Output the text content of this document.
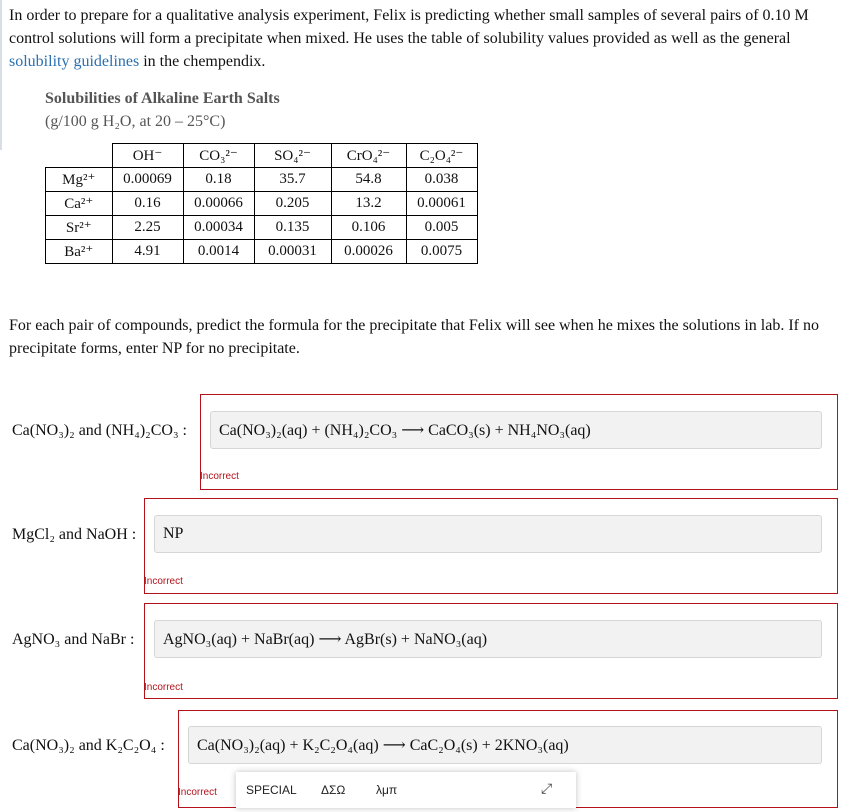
In order to prepare for a qualitative analysis experiment, Felix is predicting whether small samples of several pairs of 0.10 M control solutions will form a precipitate when mixed. He uses the table of solubility values provided as well as the general solubility guidelines in the chempendix.
Solubilities of Alkaline Earth Salts
(g/100 g H₂O, at 20 – 25°C)
	OH⁻	CO₃²⁻	SO₄²⁻	CrO₄²⁻	C₂O₄²⁻
Mg²⁺	0.00069	0.18	35.7	54.8	0.038
Ca²⁺	0.16	0.00066	0.205	13.2	0.00061
Sr²⁺	2.25	0.00034	0.135	0.106	0.005
Ba²⁺	4.91	0.0014	0.00031	0.00026	0.0075
For each pair of compounds, predict the formula for the precipitate that Felix will see when he mixes the solutions in lab. If no precipitate forms, enter NP for no precipitate.
Ca(NO₃)₂ and (NH₄)₂CO₃ :	Ca(NO₃)₂(aq) + (NH₄)₂CO₃ ⟶ CaCO₃(s) + NH₄NO₃(aq)
Incorrect
MgCl₂ and NaOH :	NP
Incorrect
AgNO₃ and NaBr :	AgNO₃(aq) + NaBr(aq) ⟶ AgBr(s) + NaNO₃(aq)
Incorrect
Ca(NO₃)₂ and K₂C₂O₄ :	Ca(NO₃)₂(aq) + K₂C₂O₄(aq) ⟶ CaC₂O₄(s) + 2KNO₃(aq)
Incorrect SPECIAL ΔΣΩ	λμπ	⤢
